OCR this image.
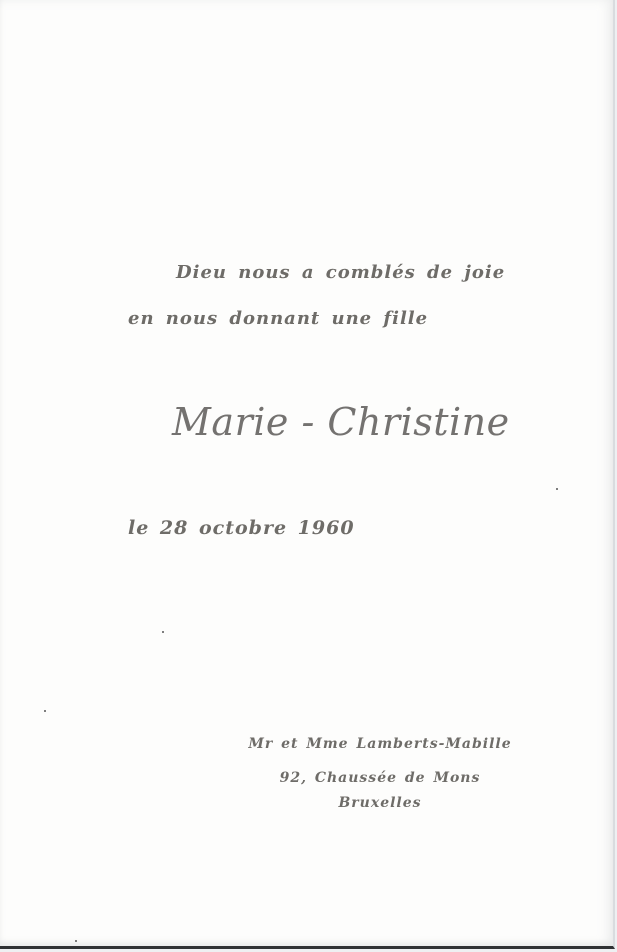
Dieu nous a comblés de joie
en nous donnant une fille
Marie - Christine
le 28 octobre 1960
Mr et Mme Lamberts-Mabille
92, Chaussée de Mons
Bruxelles
